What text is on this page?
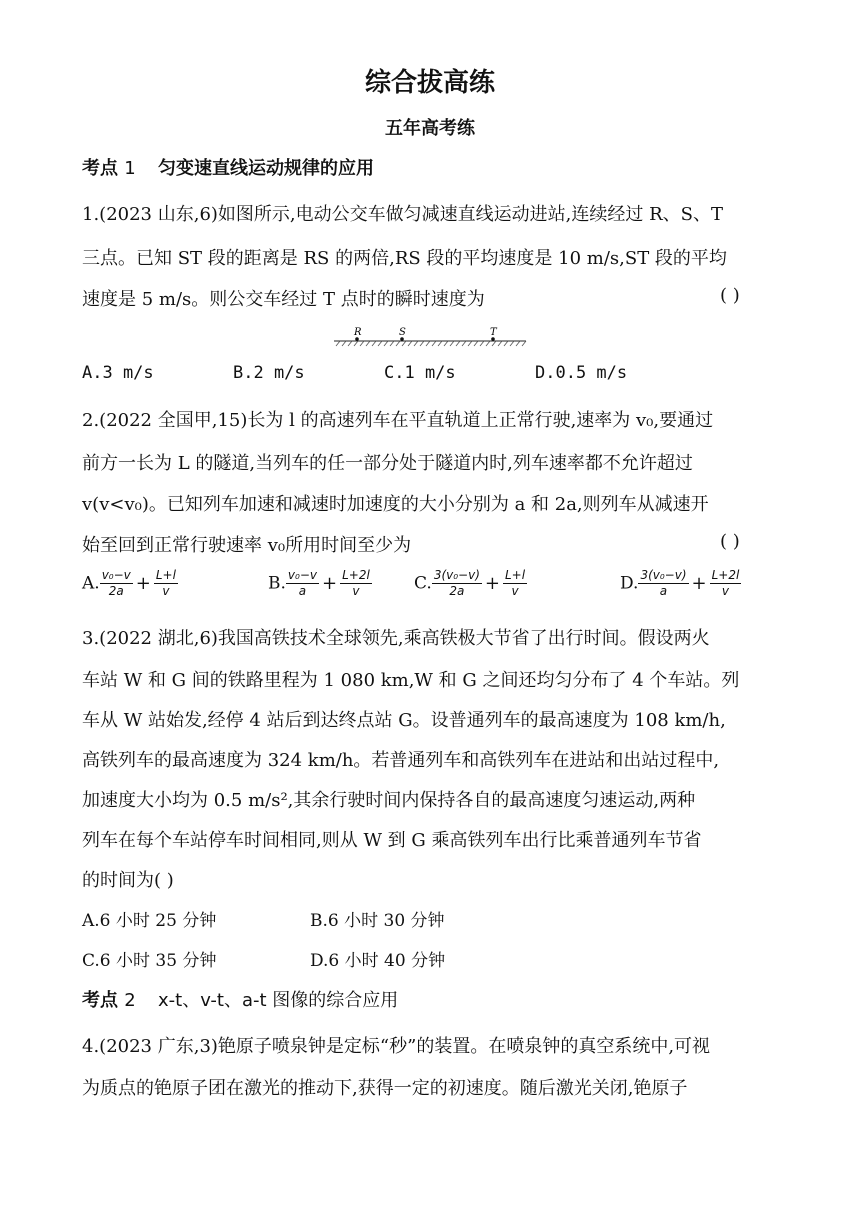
综合拔高练
五年高考练
考点 1 匀变速直线运动规律的应用
1.(2023 山东,6)如图所示,电动公交车做匀减速直线运动进站,连续经过 R、S、T
三点。已知 ST 段的距离是 RS 的两倍,RS 段的平均速度是 10 m/s,ST 段的平均
速度是 5 m/s。则公交车经过 T 点时的瞬时速度为	( )
R	S	T
A.3 m/s	B.2 m/s	C.1 m/s	D.0.5 m/s
2.(2022 全国甲,15)长为 l 的高速列车在平直轨道上正常行驶,速率为 v₀,要通过
前方一长为 L 的隧道,当列车的任一部分处于隧道内时,列车速率都不允许超过
v(v<v₀)。已知列车加速和减速时加速度的大小分别为 a 和 2a,则列车从减速开
始至回到正常行驶速率 v₀所用时间至少为	( )
A. $\frac{\text{v₀−v}}{2a} + \frac{L+l}{v}$	B. $\frac{\text{v₀−v}}{a} + \frac{L+2l}{v} C$. $\frac{\text{3(v₀−v)}}{2a} + \frac{L+l}{v}$	D. $\frac{\text{3(v₀−v)}}{a} + \frac{L+2l}{v}$
3.(2022 湖北,6)我国高铁技术全球领先,乘高铁极大节省了出行时间。假设两火
车站 W 和 G 间的铁路里程为 1 080 km,W 和 G 之间还均匀分布了 4 个车站。列
车从 W 站始发,经停 4 站后到达终点站 G。设普通列车的最高速度为 108 km/h,
高铁列车的最高速度为 324 km/h。若普通列车和高铁列车在进站和出站过程中,
加速度大小均为 0.5 m/s²,其余行驶时间内保持各自的最高速度匀速运动,两种
列车在每个车站停车时间相同,则从 W 到 G 乘高铁列车出行比乘普通列车节省
的时间为( )
A.6 小时 25 分钟	B.6 小时 30 分钟
C.6 小时 35 分钟	D.6 小时 40 分钟
考点 2 x-t、v-t、a-t 图像的综合应用
4.(2023 广东,3)铯原子喷泉钟是定标“秒”的装置。在喷泉钟的真空系统中,可视
为质点的铯原子团在激光的推动下,获得一定的初速度。随后激光关闭,铯原子
